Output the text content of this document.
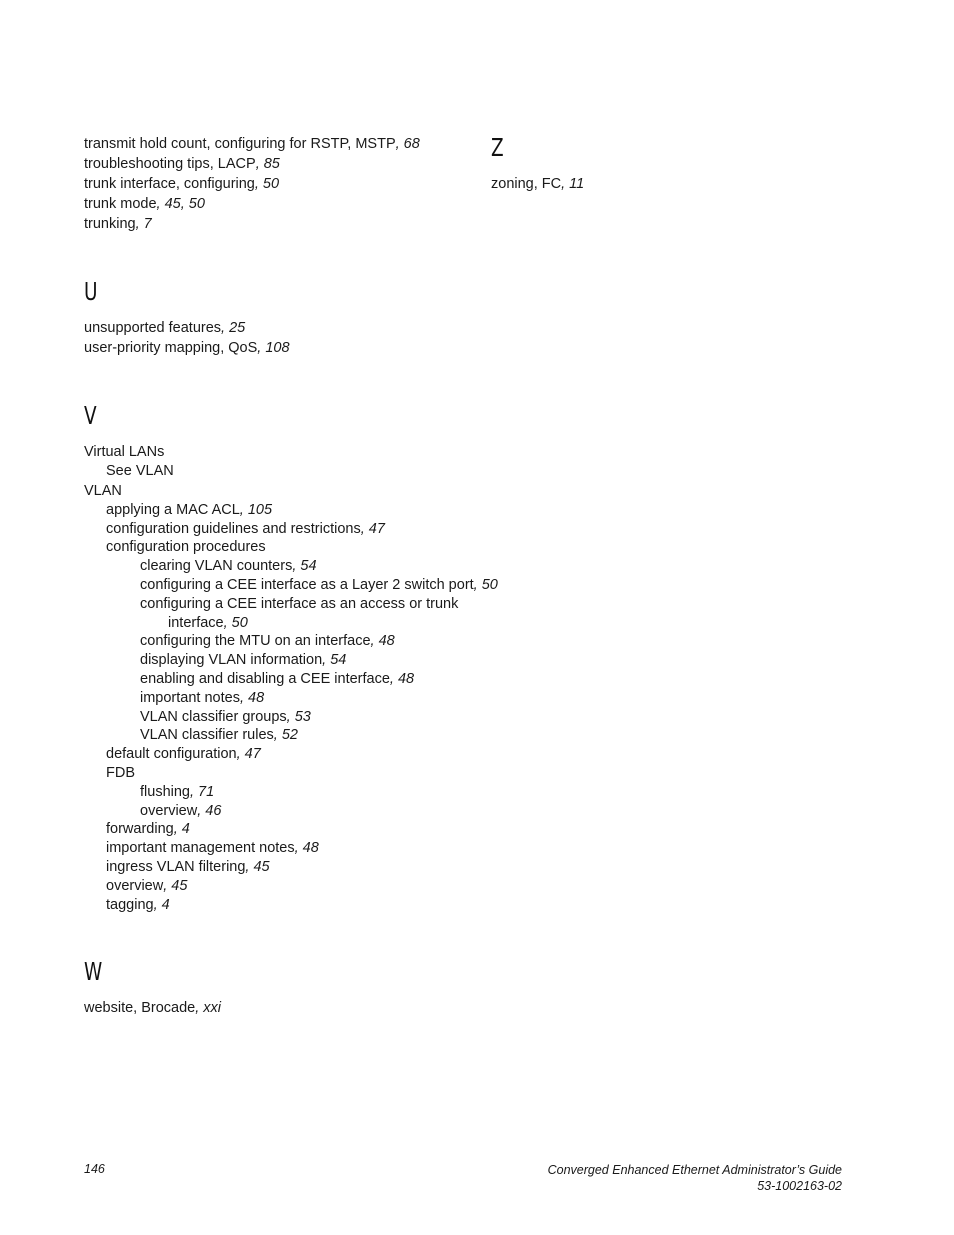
transmit hold count, configuring for RSTP, MSTP, 68
troubleshooting tips, LACP, 85
trunk interface, configuring, 50
trunk mode, 45, 50
trunking, 7
U
unsupported features, 25
user-priority mapping, QoS, 108
V
Virtual LANs
See VLAN
VLAN
applying a MAC ACL, 105
configuration guidelines and restrictions, 47
configuration procedures
clearing VLAN counters, 54
configuring a CEE interface as a Layer 2 switch port, 50
configuring a CEE interface as an access or trunk interface, 50
configuring the MTU on an interface, 48
displaying VLAN information, 54
enabling and disabling a CEE interface, 48
important notes, 48
VLAN classifier groups, 53
VLAN classifier rules, 52
default configuration, 47
FDB
flushing, 71
overview, 46
forwarding, 4
important management notes, 48
ingress VLAN filtering, 45
overview, 45
tagging, 4
W
website, Brocade, xxi
Z
zoning, FC, 11
146	Converged Enhanced Ethernet Administrator’s Guide
53-1002163-02
